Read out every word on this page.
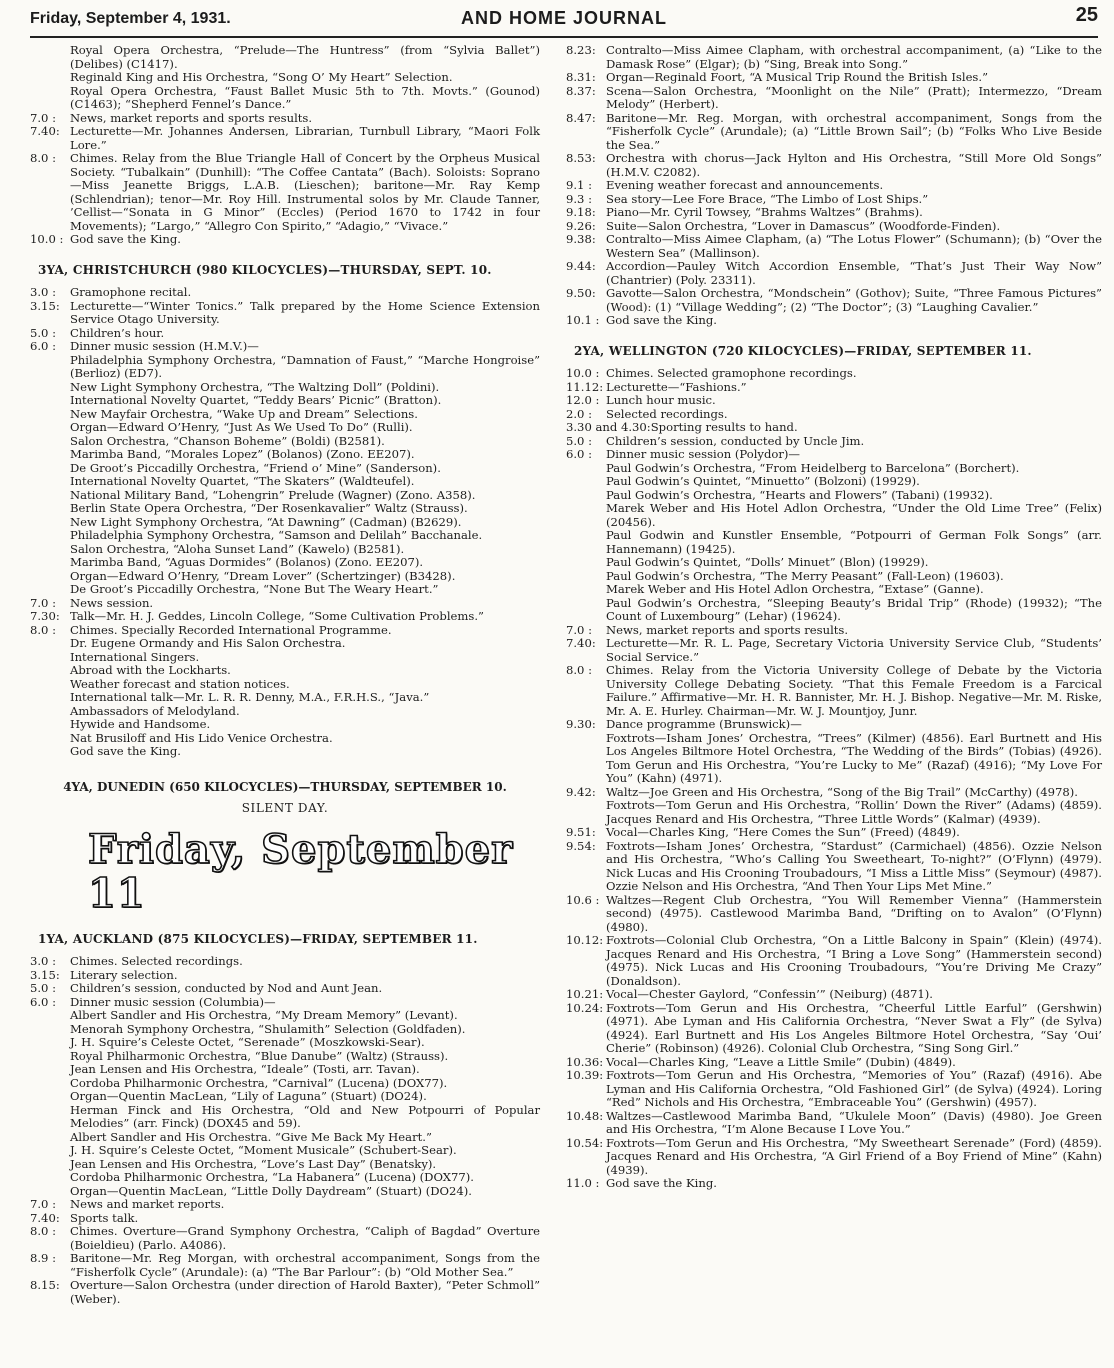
Friday, September 4, 1931.	AND HOME JOURNAL	25
Royal Opera Orchestra, “Prelude—The Huntress” (from “Sylvia Ballet”) (Delibes) (C1417).
Reginald King and His Orchestra, “Song O’ My Heart” Selection.
Royal Opera Orchestra, “Faust Ballet Music 5th to 7th. Movts.” (Gounod) (C1463); “Shepherd Fennel’s Dance.”
7.0 :	News, market reports and sports results.
7.40: Lecturette—Mr. Johannes Andersen, Librarian, Turnbull Library, “Maori Folk Lore.”
8.0 :	Chimes. Relay from the Blue Triangle Hall of Concert by the Orpheus Musical Society. “Tubalkain” (Dunhill): “The Coffee Cantata” (Bach). Soloists: Soprano—Miss Jeanette Briggs, L.A.B. (Lieschen); baritone—Mr. Ray Kemp (Schlendrian); tenor—Mr. Roy Hill. Instrumental solos by Mr. Claude Tanner, ’Cellist—“Sonata in G Minor” (Eccles) (Period 1670 to 1742 in four Movements); “Largo,” “Allegro Con Spirito,” “Adagio,” “Vivace.”
10.0 : God save the King.
3YA, CHRISTCHURCH (980 KILOCYCLES)—THURSDAY, SEPT. 10.
3.0 :	Gramophone recital.
3.15: Lecturette—“Winter Tonics.” Talk prepared by the Home Science Extension Service Otago University.
5.0 :	Children’s hour.
6.0 :	Dinner music session (H.M.V.)—
Philadelphia Symphony Orchestra, “Damnation of Faust,” “Marche Hongroise” (Berlioz) (ED7).
New Light Symphony Orchestra, “The Waltzing Doll” (Poldini).
International Novelty Quartet, “Teddy Bears’ Picnic” (Bratton).
New Mayfair Orchestra, “Wake Up and Dream” Selections.
Organ—Edward O’Henry, “Just As We Used To Do” (Rulli).
Salon Orchestra, “Chanson Boheme” (Boldi) (B2581).
Marimba Band, “Morales Lopez” (Bolanos) (Zono. EE207).
De Groot’s Piccadilly Orchestra, “Friend o’ Mine” (Sanderson).
International Novelty Quartet, “The Skaters” (Waldteufel).
National Military Band, “Lohengrin” Prelude (Wagner) (Zono. A358).
Berlin State Opera Orchestra, “Der Rosenkavalier” Waltz (Strauss).
New Light Symphony Orchestra, “At Dawning” (Cadman) (B2629).
Philadelphia Symphony Orchestra, “Samson and Delilah” Bacchanale.
Salon Orchestra, “Aloha Sunset Land” (Kawelo) (B2581).
Marimba Band, “Aguas Dormides” (Bolanos) (Zono. EE207).
Organ—Edward O’Henry, “Dream Lover” (Schertzinger) (B3428).
De Groot’s Piccadilly Orchestra, “None But The Weary Heart.”
7.0 :	News session.
7.30: Talk—Mr. H. J. Geddes, Lincoln College, “Some Cultivation Problems.”
8.0 :	Chimes. Specially Recorded International Programme.
Dr. Eugene Ormandy and His Salon Orchestra.
International Singers.
Abroad with the Lockharts.
Weather forecast and station notices.
International talk—Mr. L. R. R. Denny, M.A., F.R.H.S., “Java.”
Ambassadors of Melodyland.
Hywide and Handsome.
Nat Brusiloff and His Lido Venice Orchestra.
God save the King.
4YA, DUNEDIN (650 KILOCYCLES)—THURSDAY, SEPTEMBER 10.
SILENT DAY.
Friday, September 11
1YA, AUCKLAND (875 KILOCYCLES)—FRIDAY, SEPTEMBER 11.
3.0 :	Chimes. Selected recordings.
3.15: Literary selection.
5.0 :	Children’s session, conducted by Nod and Aunt Jean.
6.0 :	Dinner music session (Columbia)—
Albert Sandler and His Orchestra, “My Dream Memory” (Levant).
Menorah Symphony Orchestra, “Shulamith” Selection (Goldfaden).
J. H. Squire’s Celeste Octet, “Serenade” (Moszkowski-Sear).
Royal Philharmonic Orchestra, “Blue Danube” (Waltz) (Strauss).
Jean Lensen and His Orchestra, “Ideale” (Tosti, arr. Tavan).
Cordoba Philharmonic Orchestra, “Carnival” (Lucena) (DOX77).
Organ—Quentin MacLean, “Lily of Laguna” (Stuart) (DO24).
Herman Finck and His Orchestra, “Old and New Potpourri of Popular Melodies” (arr. Finck) (DOX45 and 59).
Albert Sandler and His Orchestra. “Give Me Back My Heart.”
J. H. Squire’s Celeste Octet, “Moment Musicale” (Schubert-Sear).
Jean Lensen and His Orchestra, “Love’s Last Day” (Benatsky).
Cordoba Philharmonic Orchestra, “La Habanera” (Lucena) (DOX77).
Organ—Quentin MacLean, “Little Dolly Daydream” (Stuart) (DO24).
7.0 :	News and market reports.
7.40: Sports talk.
8.0 :	Chimes. Overture—Grand Symphony Orchestra, “Caliph of Bagdad” Overture (Boieldieu) (Parlo. A4086).
8.9 :	Baritone—Mr. Reg Morgan, with orchestral accompaniment, Songs from the “Fisherfolk Cycle” (Arundale): (a) “The Bar Parlour”: (b) “Old Mother Sea.”
8.15: Overture—Salon Orchestra (under direction of Harold Baxter), “Peter Schmoll” (Weber).
8.23: Contralto—Miss Aimee Clapham, with orchestral accompaniment, (a) “Like to the Damask Rose” (Elgar); (b) “Sing, Break into Song.”
8.31: Organ—Reginald Foort, “A Musical Trip Round the British Isles.”
8.37: Scena—Salon Orchestra, “Moonlight on the Nile” (Pratt); Intermezzo, “Dream Melody” (Herbert).
8.47: Baritone—Mr. Reg. Morgan, with orchestral accompaniment, Songs from the “Fisherfolk Cycle” (Arundale); (a) “Little Brown Sail”; (b) “Folks Who Live Beside the Sea.”
8.53: Orchestra with chorus—Jack Hylton and His Orchestra, “Still More Old Songs” (H.M.V. C2082).
9.1 :	Evening weather forecast and announcements.
9.3 :	Sea story—Lee Fore Brace, “The Limbo of Lost Ships.”
9.18: Piano—Mr. Cyril Towsey, “Brahms Waltzes” (Brahms).
9.26: Suite—Salon Orchestra, “Lover in Damascus” (Woodforde-Finden).
9.38: Contralto—Miss Aimee Clapham, (a) “The Lotus Flower” (Schumann); (b) “Over the Western Sea” (Mallinson).
9.44: Accordion—Pauley Witch Accordion Ensemble, “That’s Just Their Way Now” (Chantrier) (Poly. 23311).
9.50: Gavotte—Salon Orchestra, “Mondschein” (Gothov); Suite, “Three Famous Pictures” (Wood): (1) “Village Wedding”; (2) “The Doctor”; (3) “Laughing Cavalier.”
10.1 : God save the King.
2YA, WELLINGTON (720 KILOCYCLES)—FRIDAY, SEPTEMBER 11.
10.0 : Chimes. Selected gramophone recordings.
11.12: Lecturette—“Fashions.”
12.0 : Lunch hour music.
2.0 :	Selected recordings.
3.30 and 4.30: Sporting results to hand.
5.0 :	Children’s session, conducted by Uncle Jim.
6.0 :	Dinner music session (Polydor)—
Paul Godwin’s Orchestra, “From Heidelberg to Barcelona” (Borchert).
Paul Godwin’s Quintet, “Minuetto” (Bolzoni) (19929).
Paul Godwin’s Orchestra, “Hearts and Flowers” (Tabani) (19932).
Marek Weber and His Hotel Adlon Orchestra, “Under the Old Lime Tree” (Felix) (20456).
Paul Godwin and Kunstler Ensemble, “Potpourri of German Folk Songs” (arr. Hannemann) (19425).
Paul Godwin’s Quintet, “Dolls’ Minuet” (Blon) (19929).
Paul Godwin’s Orchestra, “The Merry Peasant” (Fall-Leon) (19603).
Marek Weber and His Hotel Adlon Orchestra, “Extase” (Ganne).
Paul Godwin’s Orchestra, “Sleeping Beauty’s Bridal Trip” (Rhode) (19932); “The Count of Luxembourg” (Lehar) (19624).
7.0 :	News, market reports and sports results.
7.40: Lecturette—Mr. R. L. Page, Secretary Victoria University Service Club, “Students’ Social Service.”
8.0 :	Chimes. Relay from the Victoria University College of Debate by the Victoria University College Debating Society. “That this Female Freedom is a Farcical Failure.” Affirmative—Mr. H. R. Bannister, Mr. H. J. Bishop. Negative—Mr. M. Riske, Mr. A. E. Hurley. Chairman—Mr. W. J. Mountjoy, Junr.
9.30: Dance programme (Brunswick)—
Foxtrots—Isham Jones’ Orchestra, “Trees” (Kilmer) (4856). Earl Burtnett and His Los Angeles Biltmore Hotel Orchestra, “The Wedding of the Birds” (Tobias) (4926). Tom Gerun and His Orchestra, “You’re Lucky to Me” (Razaf) (4916); “My Love For You” (Kahn) (4971).
9.42: Waltz—Joe Green and His Orchestra, “Song of the Big Trail” (McCarthy) (4978).
Foxtrots—Tom Gerun and His Orchestra, “Rollin’ Down the River” (Adams) (4859). Jacques Renard and His Orchestra, “Three Little Words” (Kalmar) (4939).
9.51: Vocal—Charles King, “Here Comes the Sun” (Freed) (4849).
9.54: Foxtrots—Isham Jones’ Orchestra, “Stardust” (Carmichael) (4856). Ozzie Nelson and His Orchestra, “Who’s Calling You Sweetheart, To-night?” (O’Flynn) (4979). Nick Lucas and His Crooning Troubadours, “I Miss a Little Miss” (Seymour) (4987). Ozzie Nelson and His Orchestra, “And Then Your Lips Met Mine.”
10.6 : Waltzes—Regent Club Orchestra, “You Will Remember Vienna” (Hammerstein second) (4975). Castlewood Marimba Band, “Drifting on to Avalon” (O’Flynn) (4980).
10.12: Foxtrots—Colonial Club Orchestra, “On a Little Balcony in Spain” (Klein) (4974). Jacques Renard and His Orchestra, “I Bring a Love Song” (Hammerstein second) (4975). Nick Lucas and His Crooning Troubadours, “You’re Driving Me Crazy” (Donaldson).
10.21: Vocal—Chester Gaylord, “Confessin’” (Neiburg) (4871).
10.24: Foxtrots—Tom Gerun and His Orchestra, “Cheerful Little Earful” (Gershwin) (4971). Abe Lyman and His California Orchestra, “Never Swat a Fly” (de Sylva) (4924). Earl Burtnett and His Los Angeles Biltmore Hotel Orchestra, “Say ‘Oui’ Cherie” (Robinson) (4926). Colonial Club Orchestra, “Sing Song Girl.”
10.36: Vocal—Charles King, “Leave a Little Smile” (Dubin) (4849).
10.39: Foxtrots—Tom Gerun and His Orchestra, “Memories of You” (Razaf) (4916). Abe Lyman and His California Orchestra, “Old Fashioned Girl” (de Sylva) (4924). Loring “Red” Nichols and His Orchestra, “Embraceable You” (Gershwin) (4957).
10.48: Waltzes—Castlewood Marimba Band, “Ukulele Moon” (Davis) (4980). Joe Green and His Orchestra, “I’m Alone Because I Love You.”
10.54: Foxtrots—Tom Gerun and His Orchestra, “My Sweetheart Serenade” (Ford) (4859). Jacques Renard and His Orchestra, “A Girl Friend of a Boy Friend of Mine” (Kahn) (4939).
11.0 : God save the King.
